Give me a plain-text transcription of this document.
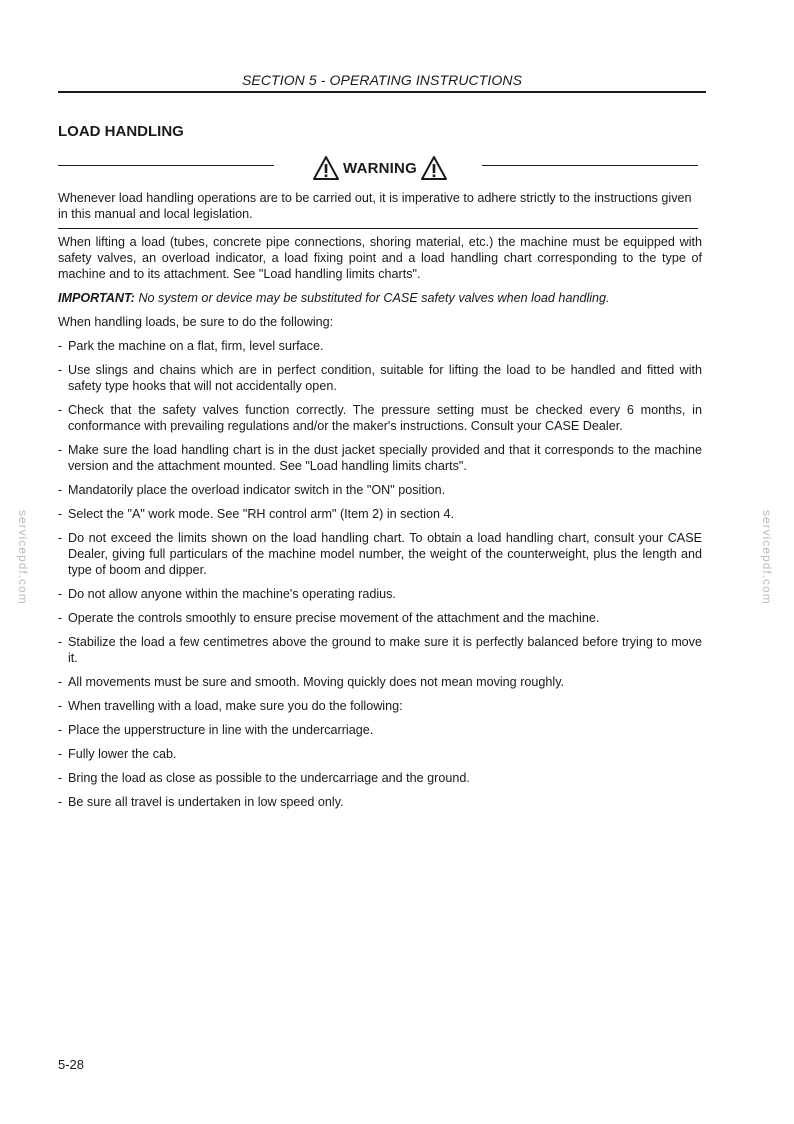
SECTION 5 - OPERATING INSTRUCTIONS
LOAD HANDLING
WARNING
Whenever load handling operations are to be carried out, it is imperative to adhere strictly to the instructions given in this manual and local legislation.

When lifting a load (tubes, concrete pipe connections, shoring material, etc.) the machine must be equipped with safety valves, an overload indicator, a load fixing point and a load handling chart corresponding to the type of machine and to its attachment. See "Load handling limits charts".

IMPORTANT: No system or device may be substituted for CASE safety valves when load handling.

When handling loads, be sure to do the following:

- Park the machine on a flat, firm, level surface.
- Use slings and chains which are in perfect condition, suitable for lifting the load to be handled and fitted with safety type hooks that will not accidentally open.
- Check that the safety valves function correctly. The pressure setting must be checked every 6 months, in conformance with prevailing regulations and/or the maker's instructions. Consult your CASE Dealer.
- Make sure the load handling chart is in the dust jacket specially provided and that it corresponds to the machine version and the attachment mounted. See "Load handling limits charts".
- Mandatorily place the overload indicator switch in the "ON" position.
- Select the "A" work mode. See "RH control arm" (Item 2) in section 4.
- Do not exceed the limits shown on the load handling chart. To obtain a load handling chart, consult your CASE Dealer, giving full particulars of the machine model number, the weight of the counterweight, plus the length and type of boom and dipper.
- Do not allow anyone within the machine's operating radius.
- Operate the controls smoothly to ensure precise movement of the attachment and the machine.
- Stabilize the load a few centimetres above the ground to make sure it is perfectly balanced before trying to move it.
- All movements must be sure and smooth. Moving quickly does not mean moving roughly.
- When travelling with a load, make sure you do the following:
- Place the upperstructure in line with the undercarriage.
- Fully lower the cab.
- Bring the load as close as possible to the undercarriage and the ground.
- Be sure all travel is undertaken in low speed only.
servicepdf.com	servicepdf.com
5-28
